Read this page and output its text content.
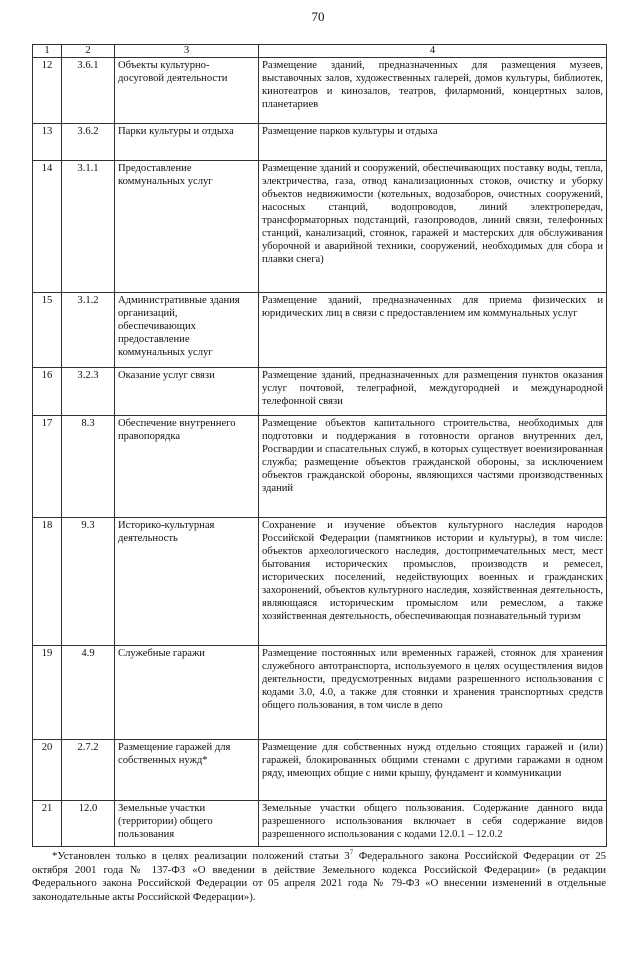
70
1	2	3	4
12	3.6.1	Объекты культурно-досуговой деятельности	Размещение зданий, предназначенных для размещения музеев, выставочных залов, художественных галерей, домов культуры, библиотек, кинотеатров и кинозалов, театров, филармоний, концертных залов, планетариев
13	3.6.2	Парки культуры и отдыха	Размещение парков культуры и отдыха
14	3.1.1	Предоставление коммунальных услуг	Размещение зданий и сооружений, обеспечивающих поставку воды, тепла, электричества, газа, отвод канализационных стоков, очистку и уборку объектов недвижимости (котельных, водозаборов, очистных сооружений, насосных станций, водопроводов, линий электропередач, трансформаторных подстанций, газопроводов, линий связи, телефонных станций, канализаций, стоянок, гаражей и мастерских для обслуживания уборочной и аварийной техники, сооружений, необходимых для сбора и плавки снега)
15	3.1.2	Административные здания организаций, обеспечивающих предоставление коммунальных услуг	Размещение зданий, предназначенных для приема физических и юридических лиц в связи с предоставлением им коммунальных услуг
16	3.2.3	Оказание услуг связи	Размещение зданий, предназначенных для размещения пунктов оказания услуг почтовой, телеграфной, междугородней и международной телефонной связи
17	8.3	Обеспечение внутреннего правопорядка	Размещение объектов капитального строительства, необходимых для подготовки и поддержания в готовности органов внутренних дел, Росгвардии и спасательных служб, в которых существует военизированная служба; размещение объектов гражданской обороны, за исключением объектов гражданской обороны, являющихся частями производственных зданий
18	9.3	Историко-культурная деятельность	Сохранение и изучение объектов культурного наследия народов Российской Федерации (памятников истории и культуры), в том числе: объектов археологического наследия, достопримечательных мест, мест бытования исторических промыслов, производств и ремесел, исторических поселений, недействующих военных и гражданских захоронений, объектов культурного наследия, хозяйственная деятельность, являющаяся историческим промыслом или ремеслом, а также хозяйственная деятельность, обеспечивающая познавательный туризм
19	4.9	Служебные гаражи	Размещение постоянных или временных гаражей, стоянок для хранения служебного автотранспорта, используемого в целях осуществления видов деятельности, предусмотренных видами разрешенного использования с кодами 3.0, 4.0, а также для стоянки и хранения транспортных средств общего пользования, в том числе в депо
20	2.7.2	Размещение гаражей для собственных нужд*	Размещение для собственных нужд отдельно стоящих гаражей и (или) гаражей, блокированных общими стенами с другими гаражами в одном ряду, имеющих общие с ними крышу, фундамент и коммуникации
21	12.0	Земельные участки (территории) общего пользования	Земельные участки общего пользования. Содержание данного вида разрешенного использования включает в себя содержание видов разрешенного использования с кодами 12.0.1 – 12.0.2
*Установлен только в целях реализации положений статьи $3^7$ Федерального закона Российской Федерации от 25 октября 2001 года № 137-ФЗ «О введении в действие Земельного кодекса Российской Федерации» (в редакции Федерального закона Российской Федерации от 05 апреля 2021 года № 79-ФЗ «О внесении изменений в отдельные законодательные акты Российской Федерации»).
